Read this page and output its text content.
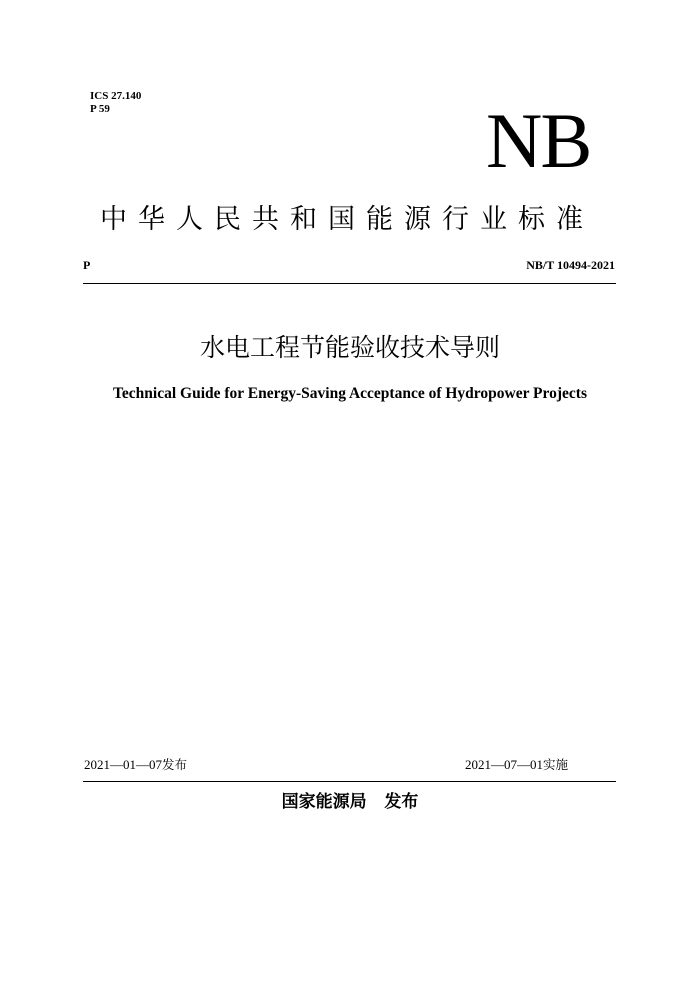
ICS 27.140
P 59	NB
中华人民共和国能源行业标准
P	NB/T 10494-2021
水电工程节能验收技术导则
Technical Guide for Energy-Saving Acceptance of Hydropower Projects
2021—01—07发布	2021—07—01实施
国家能源局 发布
